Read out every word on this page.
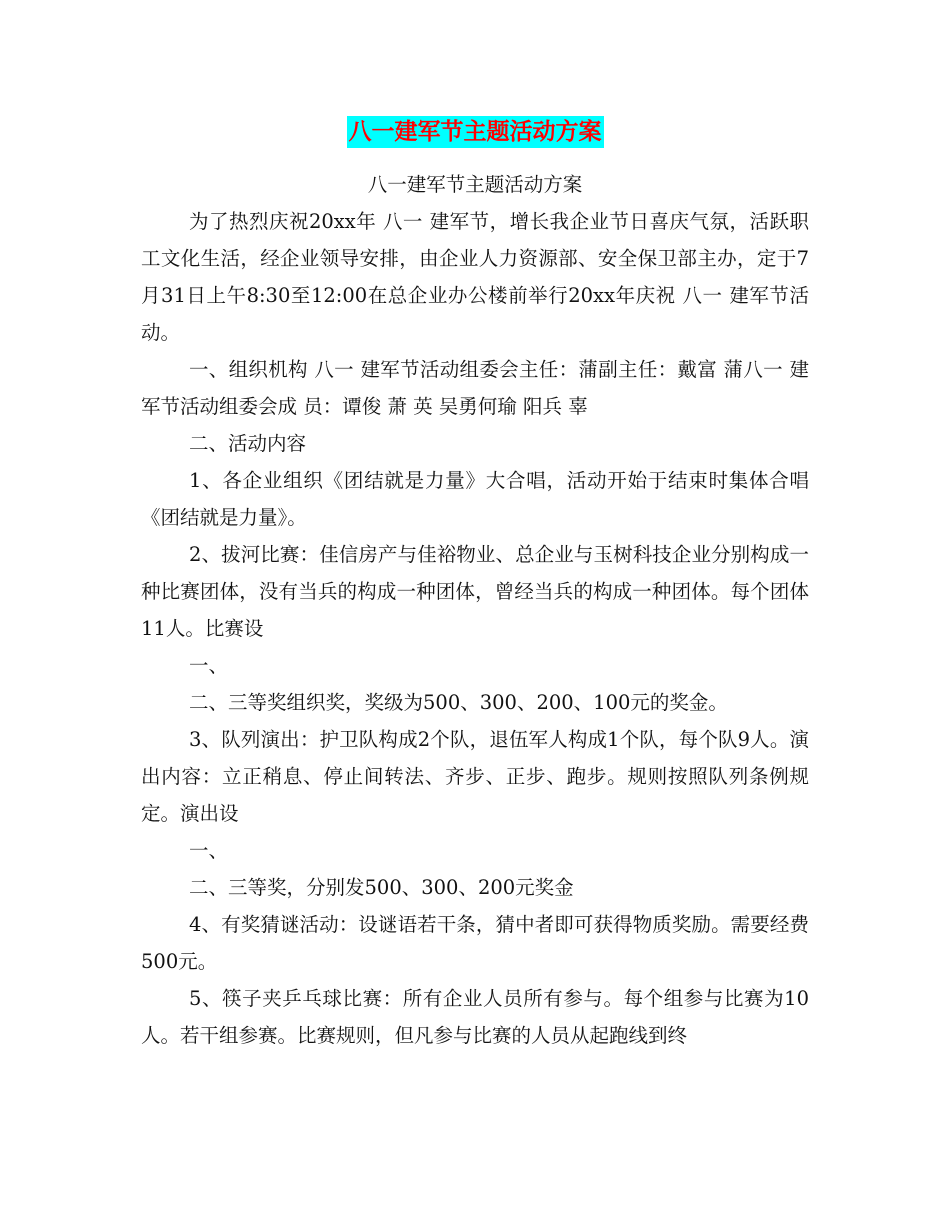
八一建军节主题活动方案

八一建军节主题活动方案

为了热烈庆祝20xx年 八一 建军节，增长我企业节日喜庆气氛，活跃职工文化生活，经企业领导安排，由企业人力资源部、安全保卫部主办，定于7月31日上午8:30至12:00在总企业办公楼前举行20xx年庆祝 八一 建军节活动。

一、组织机构 八一 建军节活动组委会主任：蒲副主任：戴富 蒲八一 建军节活动组委会成 员：谭俊 萧 英 吴勇何瑜 阳兵 辜

二、活动内容

1、各企业组织《团结就是力量》大合唱，活动开始于结束时集体合唱《团结就是力量》。

2、拔河比赛：佳信房产与佳裕物业、总企业与玉树科技企业分别构成一种比赛团体，没有当兵的构成一种团体，曾经当兵的构成一种团体。每个团体11人。比赛设

一、

二、三等奖组织奖，奖级为500、300、200、100元的奖金。

3、队列演出：护卫队构成2个队，退伍军人构成1个队，每个队9人。演出内容：立正稍息、停止间转法、齐步、正步、跑步。规则按照队列条例规定。演出设

一、

二、三等奖，分别发500、300、200元奖金

4、有奖猜谜活动：设谜语若干条，猜中者即可获得物质奖励。需要经费500元。

5、筷子夹乒乓球比赛：所有企业人员所有参与。每个组参与比赛为10人。若干组参赛。比赛规则，但凡参与比赛的人员从起跑线到终
